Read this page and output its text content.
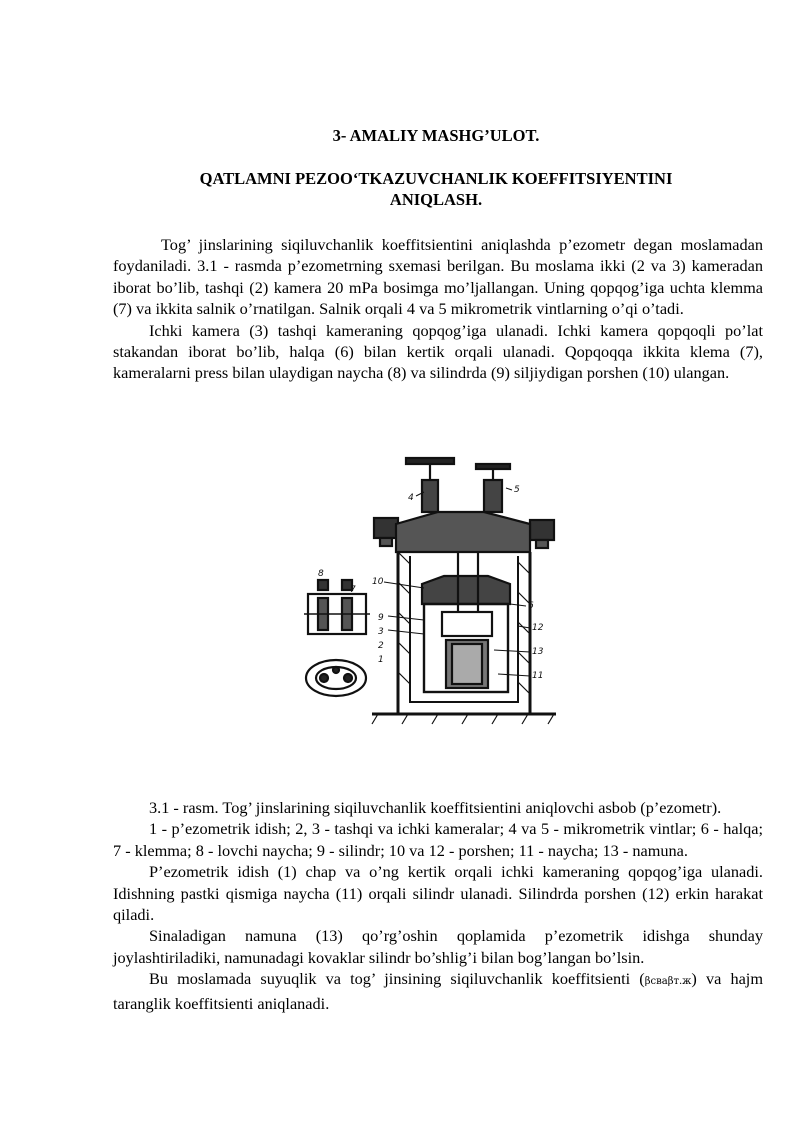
3- AMALIY MASHG’ULOT.
QATLAMNI PEZOO‘TKAZUVCHANLIK KOEFFITSIYENTINI
ANIQLASH.

Tog’ jinslarining siqiluvchanlik koeffitsientini aniqlashda p’ezometr degan moslamadan foydaniladi. 3.1 - rasmda p’ezometrning sxemasi berilgan. Bu moslama ikki (2 va 3) kameradan iborat bo’lib, tashqi (2) kamera 20 mPa bosimga mo’ljallangan. Uning qopqog’iga uchta klemma (7) va ikkita salnik o’rnatilgan. Salnik orqali 4 va 5 mikrometrik vintlarning o’qi o’tadi.

Ichki kamera (3) tashqi kameraning qopqog’iga ulanadi. Ichki kamera qopqoqli po’lat stakandan iborat bo’lib, halqa (6) bilan kertik orqali ulanadi. Qopqoqqa ikkita klema (7), kameralarni press bilan ulaydigan naycha (8) va silindrda (9) siljiydigan porshen (10) ulangan.

4
5
8
7
10
6
12
9
13
3
2
1
11

3.1 - rasm. Tog’ jinslarining siqiluvchanlik koeffitsientini aniqlovchi asbob (p’ezometr).

1 - p’ezometrik idish; 2, 3 - tashqi va ichki kameralar; 4 va 5 - mikrometrik vintlar; 6 - halqa; 7 - klemma; 8 - lovchi naycha; 9 - silindr; 10 va 12 - porshen; 11 - naycha; 13 - namuna.

P’ezometrik idish (1) chap va o’ng kertik orqali ichki kameraning qopqog’iga ulanadi. Idishning pastki qismiga naycha (11) orqali silindr ulanadi. Silindrda porshen (12) erkin harakat qiladi.

Sinaladigan namuna (13) qo’rg’oshin qoplamida p’ezometrik idishga shunday joylashtiriladiki, namunadagi kovaklar silindr bo’shlig’i bilan bog’langan bo’lsin.

Bu moslamada suyuqlik va tog’ jinsining siqiluvchanlik koeffitsienti (βсваβт.ж) va hajm taranglik koeffitsienti aniqlanadi.
